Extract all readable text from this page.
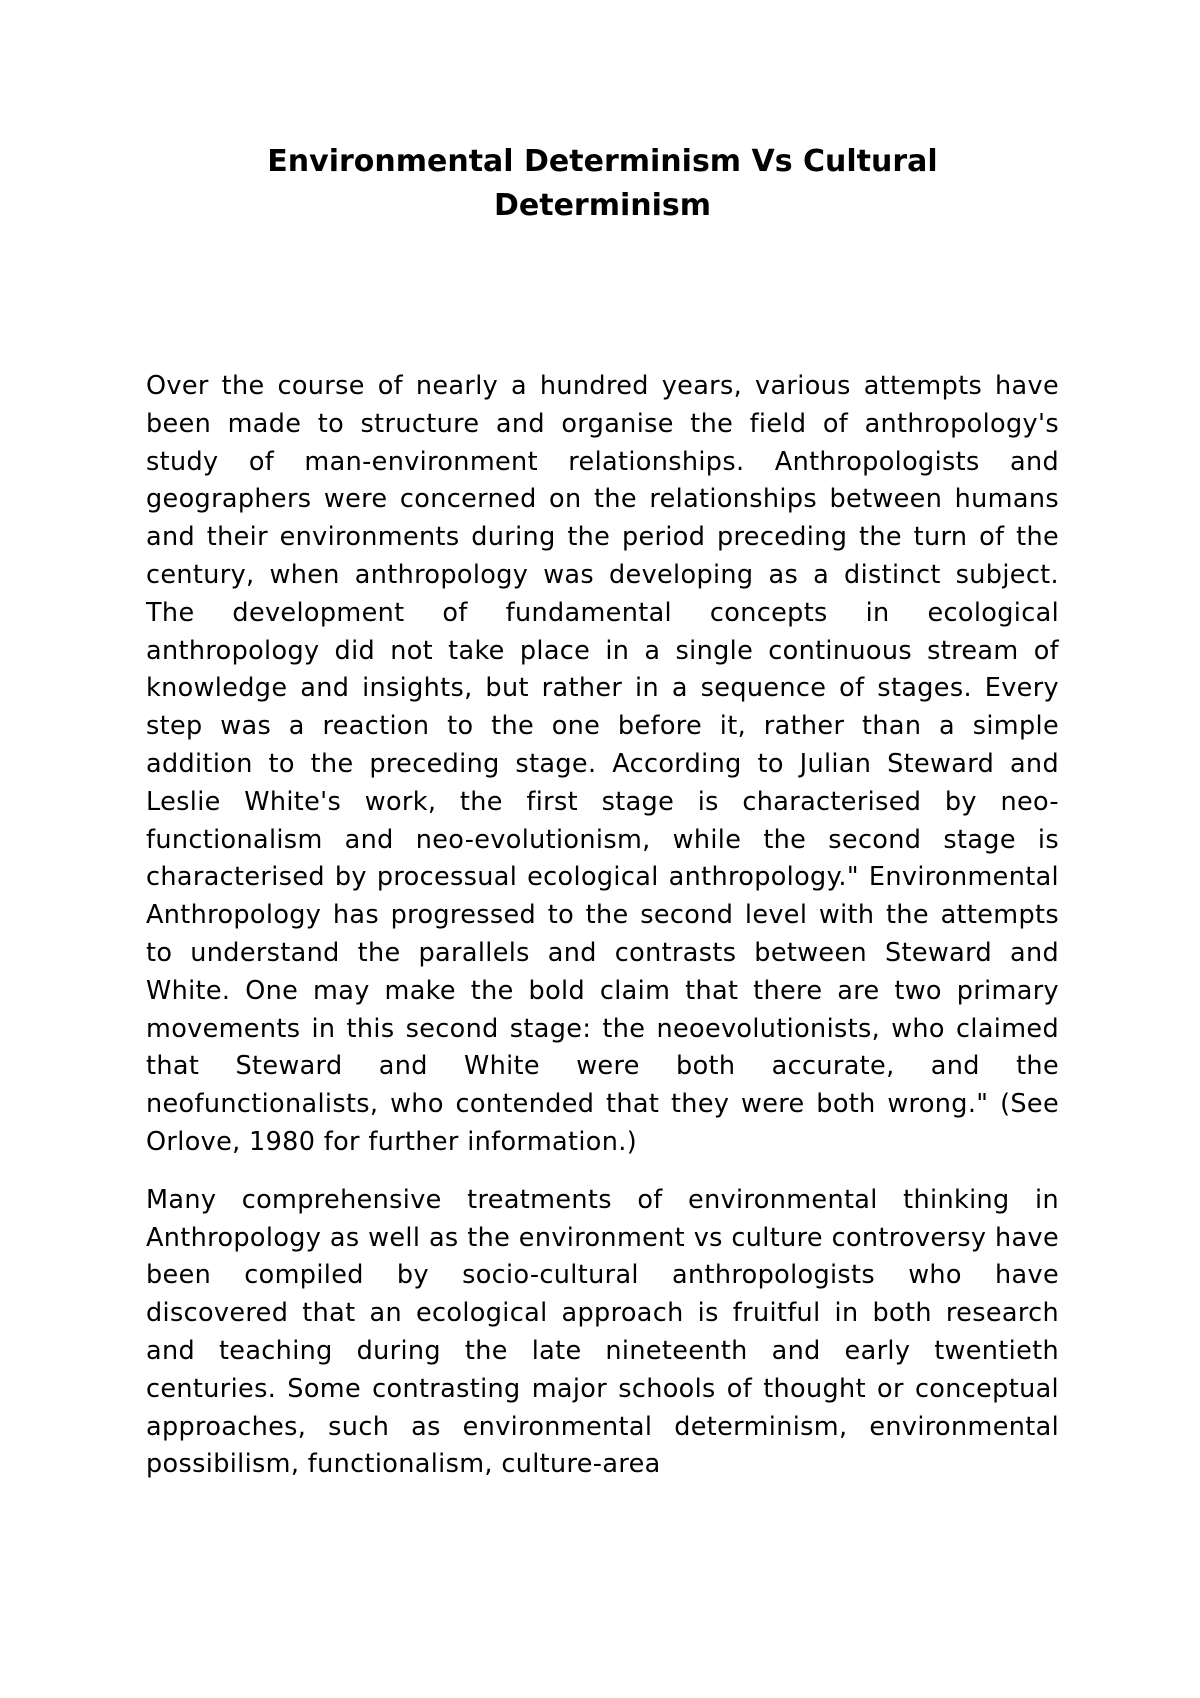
Environmental Determinism Vs Cultural
Determinism

Over the course of nearly a hundred years, various attempts have been made to structure and organise the field of anthropology's study of man-environment relationships. Anthropologists and geographers were concerned on the relationships between humans and their environments during the period preceding the turn of the century, when anthropology was developing as a distinct subject. The development of fundamental concepts in ecological anthropology did not take place in a single continuous stream of knowledge and insights, but rather in a sequence of stages. Every step was a reaction to the one before it, rather than a simple addition to the preceding stage. According to Julian Steward and Leslie White's work, the first stage is characterised by neo-functionalism and neo-evolutionism, while the second stage is characterised by processual ecological anthropology." Environmental Anthropology has progressed to the second level with the attempts to understand the parallels and contrasts between Steward and White. One may make the bold claim that there are two primary movements in this second stage: the neoevolutionists, who claimed that Steward and White were both accurate, and the neofunctionalists, who contended that they were both wrong." (See Orlove, 1980 for further information.)

Many comprehensive treatments of environmental thinking in Anthropology as well as the environment vs culture controversy have been compiled by socio-cultural anthropologists who have discovered that an ecological approach is fruitful in both research and teaching during the late nineteenth and early twentieth centuries. Some contrasting major schools of thought or conceptual approaches, such as environmental determinism, environmental possibilism, functionalism, culture-area
